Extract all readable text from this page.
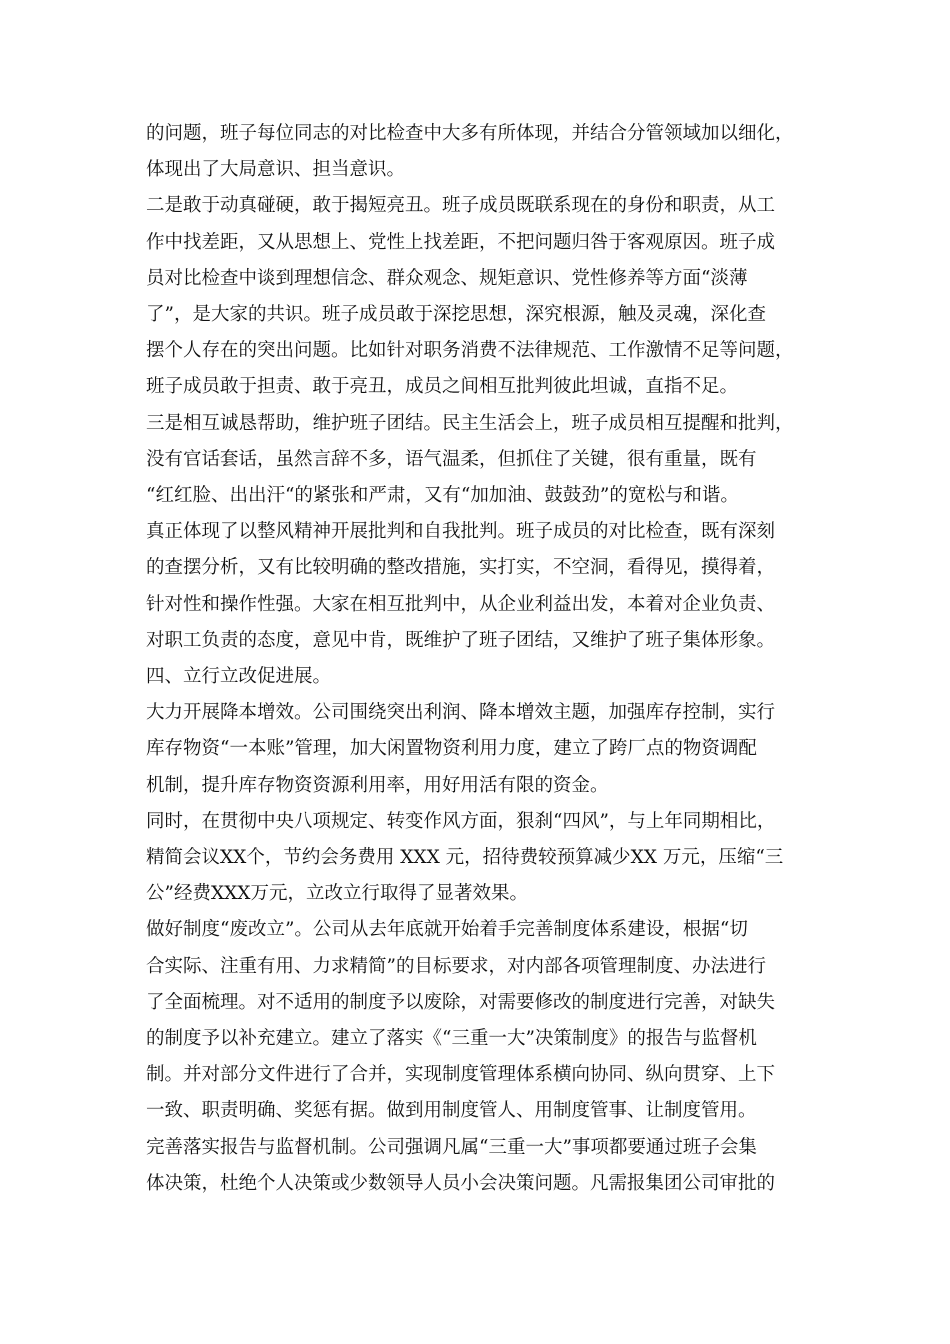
的问题，班子每位同志的对比检查中大多有所体现，并结合分管领域加以细化，
体现出了大局意识、担当意识。
二是敢于动真碰硬，敢于揭短亮丑。班子成员既联系现在的身份和职责，从工
作中找差距，又从思想上、党性上找差距，不把问题归咎于客观原因。班子成
员对比检查中谈到理想信念、群众观念、规矩意识、党性修养等方面“淡薄
了”，是大家的共识。班子成员敢于深挖思想，深究根源，触及灵魂，深化查
摆个人存在的突出问题。比如针对职务消费不法律规范、工作激情不足等问题，
班子成员敢于担责、敢于亮丑，成员之间相互批判彼此坦诚，直指不足。
三是相互诚恳帮助，维护班子团结。民主生活会上，班子成员相互提醒和批判，
没有官话套话，虽然言辞不多，语气温柔，但抓住了关键，很有重量，既有
“红红脸、出出汗“的紧张和严肃，又有“加加油、鼓鼓劲”的宽松与和谐。
真正体现了以整风精神开展批判和自我批判。班子成员的对比检查，既有深刻
的查摆分析，又有比较明确的整改措施，实打实，不空洞，看得见，摸得着，
针对性和操作性强。大家在相互批判中，从企业利益出发，本着对企业负责、
对职工负责的态度，意见中肯，既维护了班子团结，又维护了班子集体形象。
四、立行立改促进展。
大力开展降本增效。公司围绕突出利润、降本增效主题，加强库存控制，实行
库存物资“一本账”管理，加大闲置物资利用力度，建立了跨厂点的物资调配
机制，提升库存物资资源利用率，用好用活有限的资金。
同时，在贯彻中央八项规定、转变作风方面，狠刹“四风”，与上年同期相比，
精简会议XX个，节约会务费用 XXX 元，招待费较预算减少XX 万元，压缩“三
公”经费XXX万元，立改立行取得了显著效果。
做好制度“废改立”。公司从去年底就开始着手完善制度体系建设，根据“切
合实际、注重有用、力求精简”的目标要求，对内部各项管理制度、办法进行
了全面梳理。对不适用的制度予以废除，对需要修改的制度进行完善，对缺失
的制度予以补充建立。建立了落实《“三重一大”决策制度》的报告与监督机
制。并对部分文件进行了合并，实现制度管理体系横向协同、纵向贯穿、上下
一致、职责明确、奖惩有据。做到用制度管人、用制度管事、让制度管用。
完善落实报告与监督机制。公司强调凡属“三重一大”事项都要通过班子会集
体决策，杜绝个人决策或少数领导人员小会决策问题。凡需报集团公司审批的
